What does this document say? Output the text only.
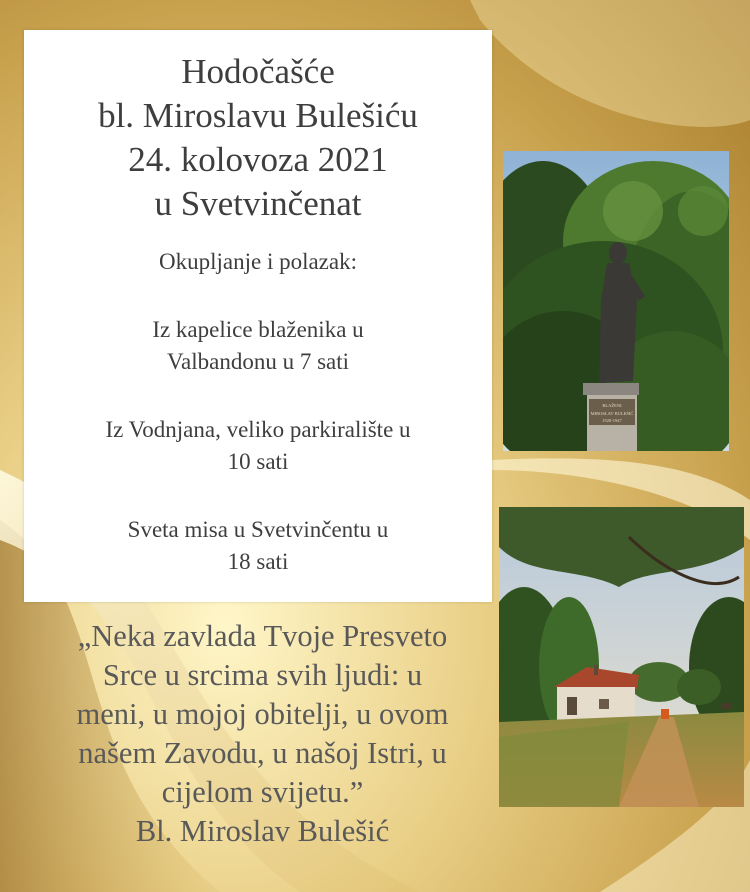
Hodočašće
bl. Miroslavu Bulešiću
24. kolovoza 2021
u Svetvinčenat

Okupljanje i polazak:

Iz kapelice blaženika u

Valbandonu u 7 sati

Iz Vodnjana, veliko parkiralište u

10 sati

Sveta misa u Svetvinčentu u

18 sati

„Neka zavlada Tvoje Presveto
Srce u srcima svih ljudi: u
meni, u mojoj obitelji, u ovom
našem Zavodu, u našoj Istri, u
cijelom svijetu.”
Bl. Miroslav Bulešić
BLAŽENI
MIROSLAV BULEŠIĆ
1920-1947
